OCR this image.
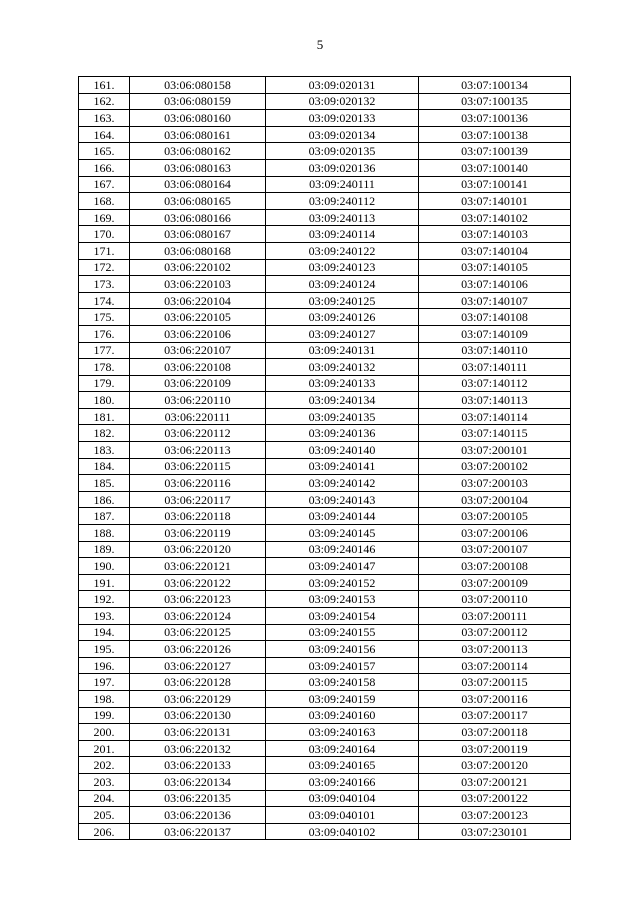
5
161.	03:06:080158	03:09:020131	03:07:100134
162.	03:06:080159	03:09:020132	03:07:100135
163.	03:06:080160	03:09:020133	03:07:100136
164.	03:06:080161	03:09:020134	03:07:100138
165.	03:06:080162	03:09:020135	03:07:100139
166.	03:06:080163	03:09:020136	03:07:100140
167.	03:06:080164	03:09:240111	03:07:100141
168.	03:06:080165	03:09:240112	03:07:140101
169.	03:06:080166	03:09:240113	03:07:140102
170.	03:06:080167	03:09:240114	03:07:140103
171.	03:06:080168	03:09:240122	03:07:140104
172.	03:06:220102	03:09:240123	03:07:140105
173.	03:06:220103	03:09:240124	03:07:140106
174.	03:06:220104	03:09:240125	03:07:140107
175.	03:06:220105	03:09:240126	03:07:140108
176.	03:06:220106	03:09:240127	03:07:140109
177.	03:06:220107	03:09:240131	03:07:140110
178.	03:06:220108	03:09:240132	03:07:140111
179.	03:06:220109	03:09:240133	03:07:140112
180.	03:06:220110	03:09:240134	03:07:140113
181.	03:06:220111	03:09:240135	03:07:140114
182.	03:06:220112	03:09:240136	03:07:140115
183.	03:06:220113	03:09:240140	03:07:200101
184.	03:06:220115	03:09:240141	03:07:200102
185.	03:06:220116	03:09:240142	03:07:200103
186.	03:06:220117	03:09:240143	03:07:200104
187.	03:06:220118	03:09:240144	03:07:200105
188.	03:06:220119	03:09:240145	03:07:200106
189.	03:06:220120	03:09:240146	03:07:200107
190.	03:06:220121	03:09:240147	03:07:200108
191.	03:06:220122	03:09:240152	03:07:200109
192.	03:06:220123	03:09:240153	03:07:200110
193.	03:06:220124	03:09:240154	03:07:200111
194.	03:06:220125	03:09:240155	03:07:200112
195.	03:06:220126	03:09:240156	03:07:200113
196.	03:06:220127	03:09:240157	03:07:200114
197.	03:06:220128	03:09:240158	03:07:200115
198.	03:06:220129	03:09:240159	03:07:200116
199.	03:06:220130	03:09:240160	03:07:200117
200.	03:06:220131	03:09:240163	03:07:200118
201.	03:06:220132	03:09:240164	03:07:200119
202.	03:06:220133	03:09:240165	03:07:200120
203.	03:06:220134	03:09:240166	03:07:200121
204.	03:06:220135	03:09:040104	03:07:200122
205.	03:06:220136	03:09:040101	03:07:200123
206.	03:06:220137	03:09:040102	03:07:230101
